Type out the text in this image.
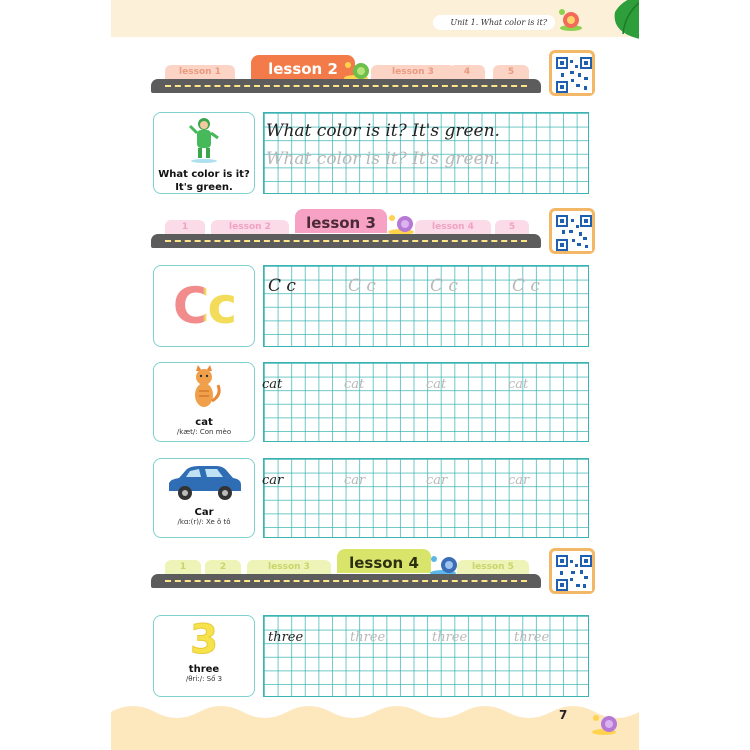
Unit 1. What color is it?
lesson 1	lesson 2	lesson 3	4	5
What color is it?
It's green.
What color is it? It's green.
What color is it? It's green.
1	lesson 2	lesson 3	lesson 4	5
Cc	C c	C c	C c	C c
cat
/kæt/: Con mèo
cat	cat	cat	cat
Car
/kɑː(r)/: Xe ô tô
car	car	car	car
1	2	lesson 3	lesson 4	lesson 5
3
three
/θriː/: Số 3
three	three	three	three
7
